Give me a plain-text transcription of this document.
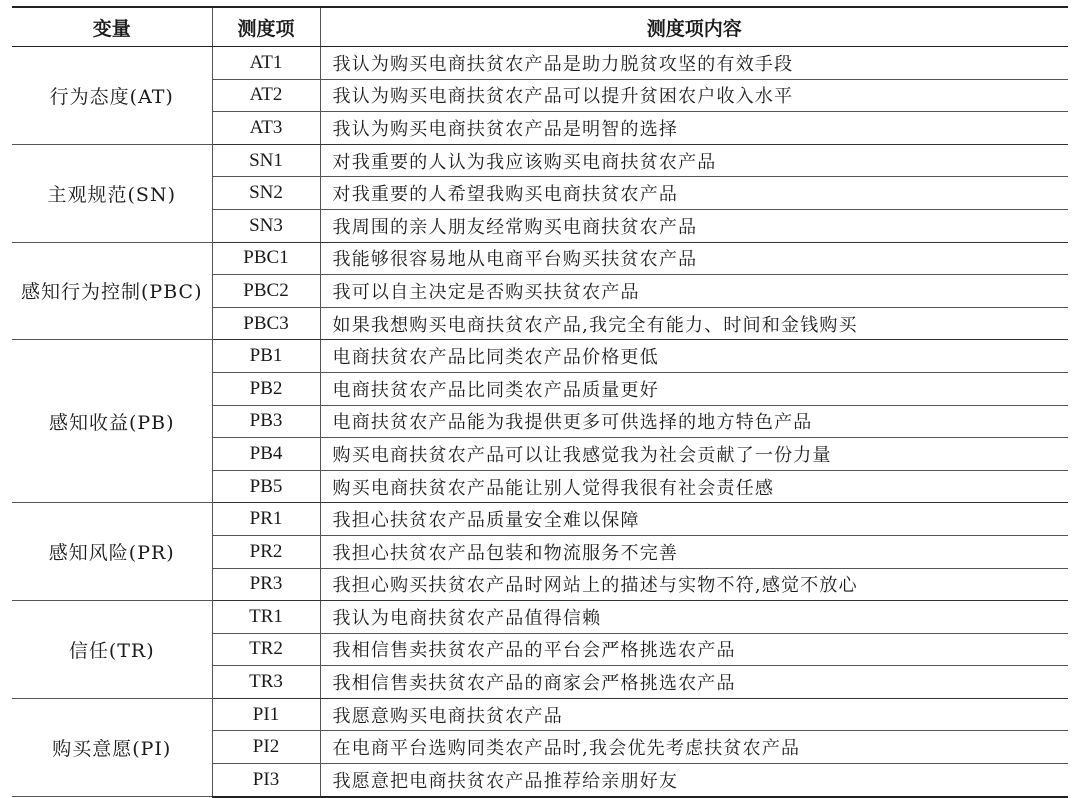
变量	测度项	测度项内容
行为态度(AT)	AT1	我认为购买电商扶贫农产品是助力脱贫攻坚的有效手段
	AT2	我认为购买电商扶贫农产品可以提升贫困农户收入水平
	AT3	我认为购买电商扶贫农产品是明智的选择
主观规范(SN)	SN1	对我重要的人认为我应该购买电商扶贫农产品
	SN2	对我重要的人希望我购买电商扶贫农产品
	SN3	我周围的亲人朋友经常购买电商扶贫农产品
感知行为控制(PBC)	PBC1	我能够很容易地从电商平台购买扶贫农产品
	PBC2	我可以自主决定是否购买扶贫农产品
	PBC3	如果我想购买电商扶贫农产品,我完全有能力、时间和金钱购买
感知收益(PB)	PB1	电商扶贫农产品比同类农产品价格更低
	PB2	电商扶贫农产品比同类农产品质量更好
	PB3	电商扶贫农产品能为我提供更多可供选择的地方特色产品
	PB4	购买电商扶贫农产品可以让我感觉我为社会贡献了一份力量
	PB5	购买电商扶贫农产品能让别人觉得我很有社会责任感
感知风险(PR)	PR1	我担心扶贫农产品质量安全难以保障
	PR2	我担心扶贫农产品包装和物流服务不完善
	PR3	我担心购买扶贫农产品时网站上的描述与实物不符,感觉不放心
信任(TR)	TR1	我认为电商扶贫农产品值得信赖
	TR2	我相信售卖扶贫农产品的平台会严格挑选农产品
	TR3	我相信售卖扶贫农产品的商家会严格挑选农产品
购买意愿(PI)	PI1	我愿意购买电商扶贫农产品
	PI2	在电商平台选购同类农产品时,我会优先考虑扶贫农产品
	PI3	我愿意把电商扶贫农产品推荐给亲朋好友
